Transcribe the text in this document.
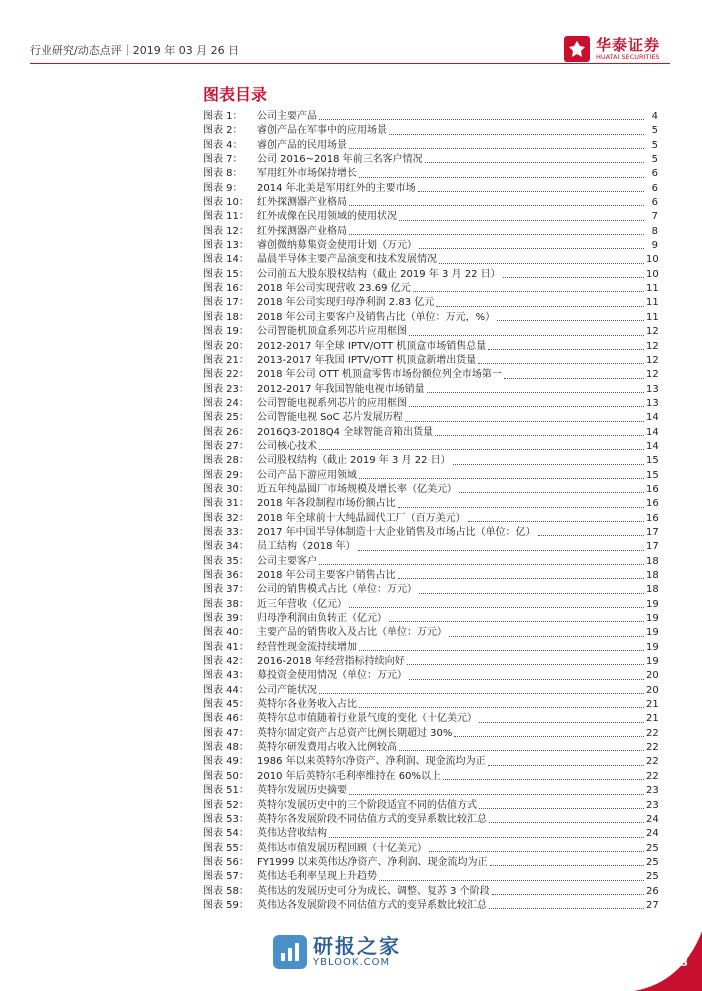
行业研究/动态点评｜2019 年 03 月 26 日	华泰证券
HUATAI SECURITIES
图表目录
图表 1：	公司主要产品	4
图表 2：	睿创产品在军事中的应用场景	5
图表 4：	睿创产品的民用场景	5
图表 7：	公司 2016~2018 年前三名客户情况	5
图表 8：	军用红外市场保持增长	6
图表 9：	2014 年北美是军用红外的主要市场	6
图表 10： 红外探测器产业格局	6
图表 11： 红外成像在民用领域的使用状况	7
图表 12： 红外探测器产业格局	8
图表 13： 睿创微纳募集资金使用计划（万元）	9
图表 14： 晶晨半导体主要产品演变和技术发展情况	10
图表 15： 公司前五大股东股权结构（截止 2019 年 3 月 22 日）	10
图表 16： 2018 年公司实现营收 23.69 亿元	11
图表 17： 2018 年公司实现归母净利润 2.83 亿元	11
图表 18： 2018 年公司主要客户及销售占比（单位：万元，%）	11
图表 19： 公司智能机顶盒系列芯片应用框图	12
图表 20： 2012-2017 年全球 IPTV/OTT 机顶盒市场销售总量	12
图表 21： 2013-2017 年我国 IPTV/OTT 机顶盒新增出货量	12
图表 22： 2018 年公司 OTT 机顶盒零售市场份额位列全市场第一	12
图表 23： 2012-2017 年我国智能电视市场销量	13
图表 24： 公司智能电视系列芯片的应用框图	13
图表 25： 公司智能电视 SoC 芯片发展历程	14
图表 26： 2016Q3-2018Q4 全球智能音箱出货量	14
图表 27： 公司核心技术	14
图表 28： 公司股权结构（截止 2019 年 3 月 22 日）	15
图表 29： 公司产品下游应用领域	15
图表 30： 近五年纯晶圆厂市场规模及增长率（亿美元）	16
图表 31： 2018 年各段制程市场份额占比	16
图表 32： 2018 年全球前十大纯晶圆代工厂（百万美元）	16
图表 33： 2017 年中国半导体制造十大企业销售及市场占比（单位：亿）	17
图表 34： 员工结构（2018 年）	17
图表 35： 公司主要客户	18
图表 36： 2018 年公司主要客户销售占比	18
图表 37： 公司的销售模式占比（单位：万元）	18
图表 38： 近三年营收（亿元）	19
图表 39： 归母净利润由负转正（亿元）	19
图表 40： 主要产品的销售收入及占比（单位：万元）	19
图表 41： 经营性现金流持续增加	19
图表 42： 2016-2018 年经营指标持续向好	19
图表 43： 募投资金使用情况（单位：万元）	20
图表 44： 公司产能状况	20
图表 45： 英特尔各业务收入占比	21
图表 46： 英特尔总市值随着行业景气度的变化（十亿美元）	21
图表 47： 英特尔固定资产占总资产比例长期超过 30%	22
图表 48： 英特尔研发费用占收入比例较高	22
图表 49： 1986 年以来英特尔净资产、净利润、现金流均为正	22
图表 50： 2010 年后英特尔毛利率维持在 60%以上	22
图表 51： 英特尔发展历史摘要	23
图表 52： 英特尔发展历史中的三个阶段适宜不同的估值方式	23
图表 53： 英特尔各发展阶段不同估值方式的变异系数比较汇总	24
图表 54： 英伟达营收结构	24
图表 55： 英伟达市值发展历程回顾（十亿美元）	25
图表 56： FY1999 以来英伟达净资产、净利润、现金流均为正	25
图表 57： 英伟达毛利率呈现上升趋势	25
图表 58： 英伟达的发展历史可分为成长、调整、复苏 3 个阶段	26
图表 59： 英伟达各发展阶段不同估值方式的变异系数比较汇总	27
研报之家
YBLOOK.COM	3
